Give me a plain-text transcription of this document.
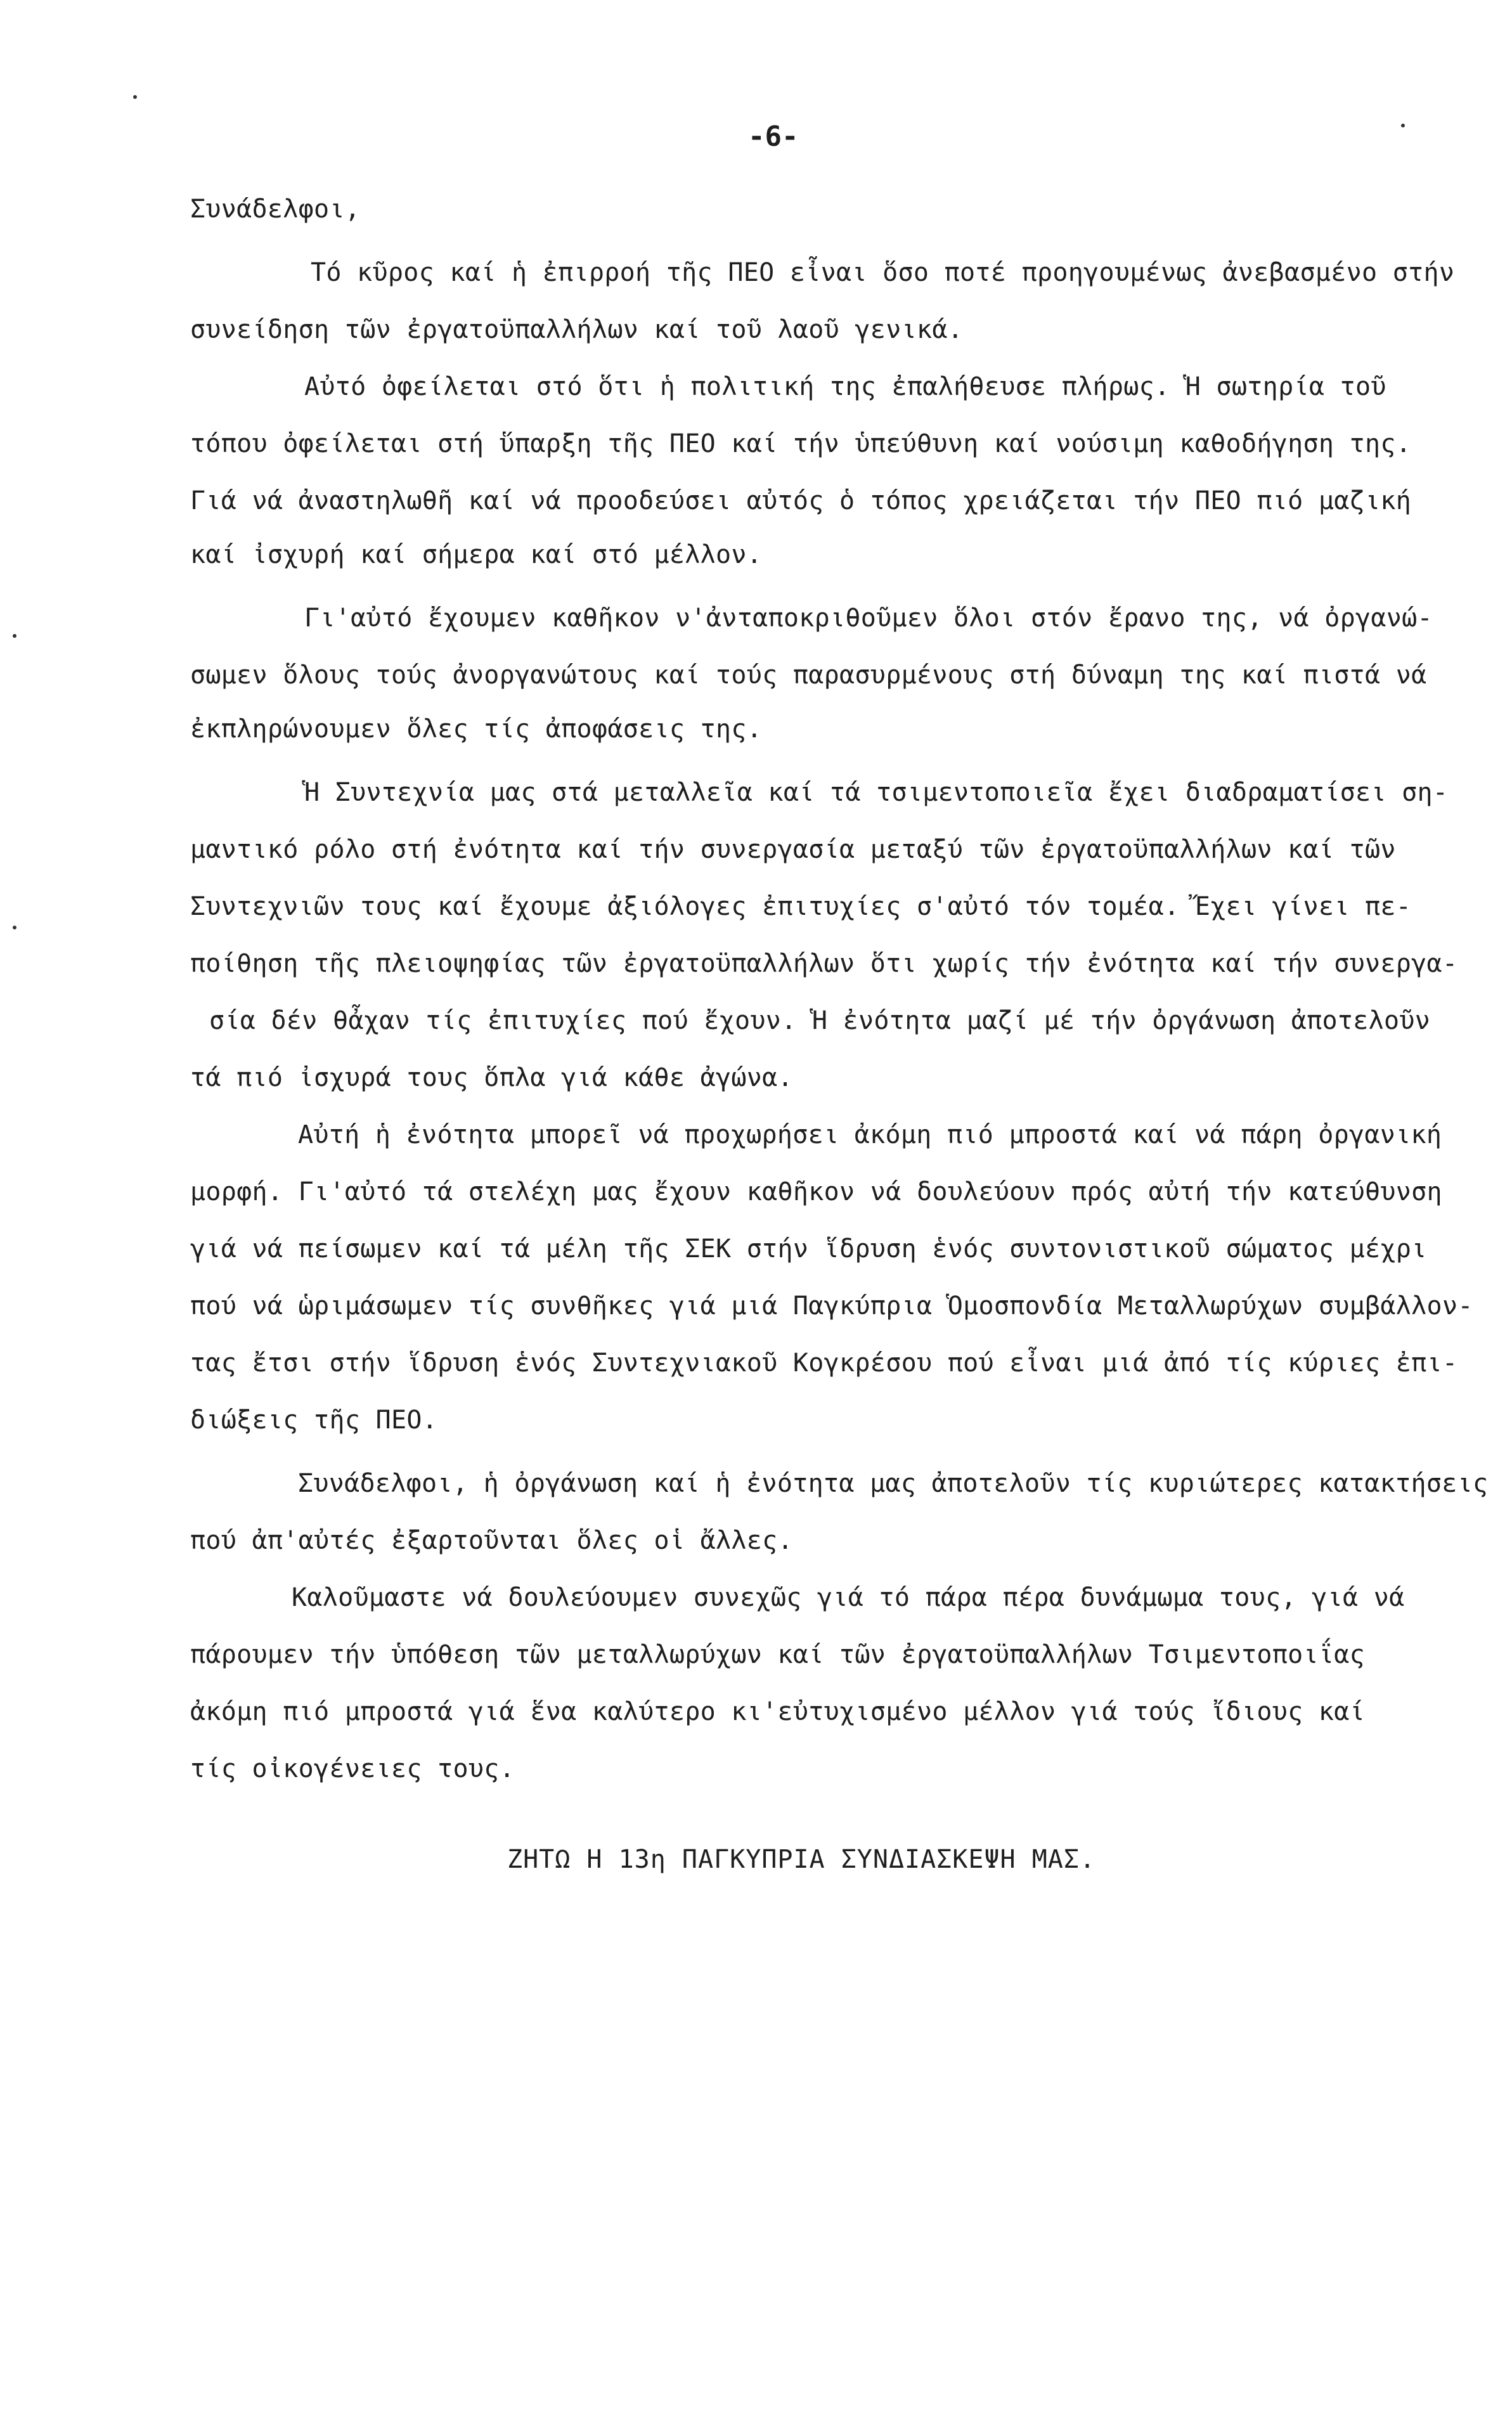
-6-
Συνάδελφοι,
Τό κῦρος καί ἡ ἐπιρροή τῆς ΠΕΟ εἶναι ὅσο ποτέ προηγουμένως ἀνεβασμένο στήν
συνείδηση τῶν ἐργατοϋπαλλήλων καί τοῦ λαοῦ γενικά.
Αὐτό ὀφείλεται στό ὅτι ἡ πολιτική της ἐπαλήθευσε πλήρως. Ἡ σωτηρία τοῦ
τόπου ὀφείλεται στή ὕπαρξη τῆς ΠΕΟ καί τήν ὑπεύθυνη καί νούσιμη καθοδήγηση της.
Γιά νά ἀναστηλωθῆ καί νά προοδεύσει αὐτός ὁ τόπος χρειάζεται τήν ΠΕΟ πιό μαζική
καί ἰσχυρή καί σήμερα καί στό μέλλον.
Γι'αὐτό ἔχουμεν καθῆκον ν'ἀνταποκριθοῦμεν ὅλοι στόν ἔρανο της, νά ὀργανώ-
σωμεν ὅλους τούς ἀνοργανώτους καί τούς παρασυρμένους στή δύναμη της καί πιστά νά
ἐκπληρώνουμεν ὅλες τίς ἀποφάσεις της.
Ἡ Συντεχνία μας στά μεταλλεῖα καί τά τσιμεντοποιεῖα ἔχει διαδραματίσει ση-
μαντικό ρόλο στή ἐνότητα καί τήν συνεργασία μεταξύ τῶν ἐργατοϋπαλλήλων καί τῶν
Συντεχνιῶν τους καί ἔχουμε ἀξιόλογες ἐπιτυχίες σ'αὐτό τόν τομέα. Ἔχει γίνει πε-
ποίθηση τῆς πλειοψηφίας τῶν ἐργατοϋπαλλήλων ὅτι χωρίς τήν ἐνότητα καί τήν συνεργα-
σία δέν θἆχαν τίς ἐπιτυχίες πού ἔχουν. Ἡ ἐνότητα μαζί μέ τήν ὀργάνωση ἀποτελοῦν
τά πιό ἰσχυρά τους ὅπλα γιά κάθε ἀγώνα.
Αὐτή ἡ ἐνότητα μπορεῖ νά προχωρήσει ἀκόμη πιό μπροστά καί νά πάρη ὀργανική
μορφή. Γι'αὐτό τά στελέχη μας ἔχουν καθῆκον νά δουλεύουν πρός αὐτή τήν κατεύθυνση
γιά νά πείσωμεν καί τά μέλη τῆς ΣΕΚ στήν ἵδρυση ἑνός συντονιστικοῦ σώματος μέχρι
πού νά ὡριμάσωμεν τίς συνθῆκες γιά μιά Παγκύπρια Ὁμοσπονδία Μεταλλωρύχων συμβάλλον-
τας ἔτσι στήν ἵδρυση ἑνός Συντεχνιακοῦ Κογκρέσου πού εἶναι μιά ἀπό τίς κύριες ἐπι-
διώξεις τῆς ΠΕΟ.
Συνάδελφοι, ἡ ὀργάνωση καί ἡ ἐνότητα μας ἀποτελοῦν τίς κυριώτερες κατακτήσεις
πού ἀπ'αὐτές ἐξαρτοῦνται ὅλες οἱ ἄλλες.
Καλοῦμαστε νά δουλεύουμεν συνεχῶς γιά τό πάρα πέρα δυνάμωμα τους, γιά νά
πάρουμεν τήν ὑπόθεση τῶν μεταλλωρύχων καί τῶν ἐργατοϋπαλλήλων Τσιμεντοποιΐας
ἀκόμη πιό μπροστά γιά ἕνα καλύτερο κι'εὐτυχισμένο μέλλον γιά τούς ἴδιους καί
τίς οἰκογένειες τους.
ΖΗΤΩ Η 13η ΠΑΓΚΥΠΡΙΑ ΣΥΝΔΙΑΣΚΕΨΗ ΜΑΣ.
